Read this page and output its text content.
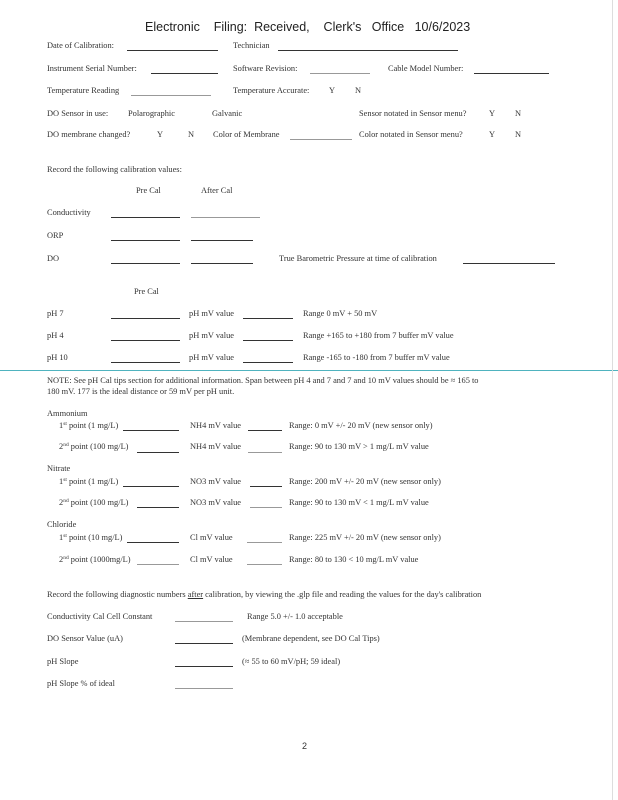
Electronic    Filing:  Received,    Clerk's   Office   10/6/2023
Date of Calibration:	Technician
Instrument Serial Number:	Software Revision:	Cable Model Number:
Temperature Reading	Temperature Accurate: Y N
DO Sensor in use: Polarographic	Galvanic	Sensor notated in Sensor menu?	Y N
DO membrane changed?	Y	N Color of Membrane	Color notated in Sensor menu?	Y N
Record the following calibration values:
Pre Cal	After Cal
Conductivity
ORP
DO	True Barometric Pressure at time of calibration
Pre Cal
pH 7	pH mV value	Range 0 mV + 50 mV
pH 4	pH mV value	Range +165 to +180 from 7 buffer mV value
pH 10	pH mV value	Range -165 to -180 from 7 buffer mV value
NOTE: See pH Cal tips section for additional information. Span between pH 4 and 7 and 7 and 10 mV values should be ≈ 165 to
180 mV. 177 is the ideal distance or 59 mV per pH unit.
Ammonium
1st point (1 mg/L)	NH4 mV value	Range: 0 mV +/- 20 mV (new sensor only)
2nd point (100 mg/L)	NH4 mV value	Range: 90 to 130 mV > 1 mg/L mV value
Nitrate
1st point (1 mg/L)	NO3 mV value	Range: 200 mV +/- 20 mV (new sensor only)
2nd point (100 mg/L)	NO3 mV value	Range: 90 to 130 mV < 1 mg/L mV value
Chloride
1st point (10 mg/L)	Cl mV value	Range: 225 mV +/- 20 mV (new sensor only)
2nd point (1000mg/L)	Cl mV value	Range: 80 to 130 < 10 mg/L mV value
Record the following diagnostic numbers after calibration, by viewing the .glp file and reading the values for the day's calibration
Conductivity Cal Cell Constant	Range 5.0 +/- 1.0 acceptable
DO Sensor Value (uA)	(Membrane dependent, see DO Cal Tips)
pH Slope	(≈ 55 to 60 mV/pH; 59 ideal)
pH Slope % of ideal
2
